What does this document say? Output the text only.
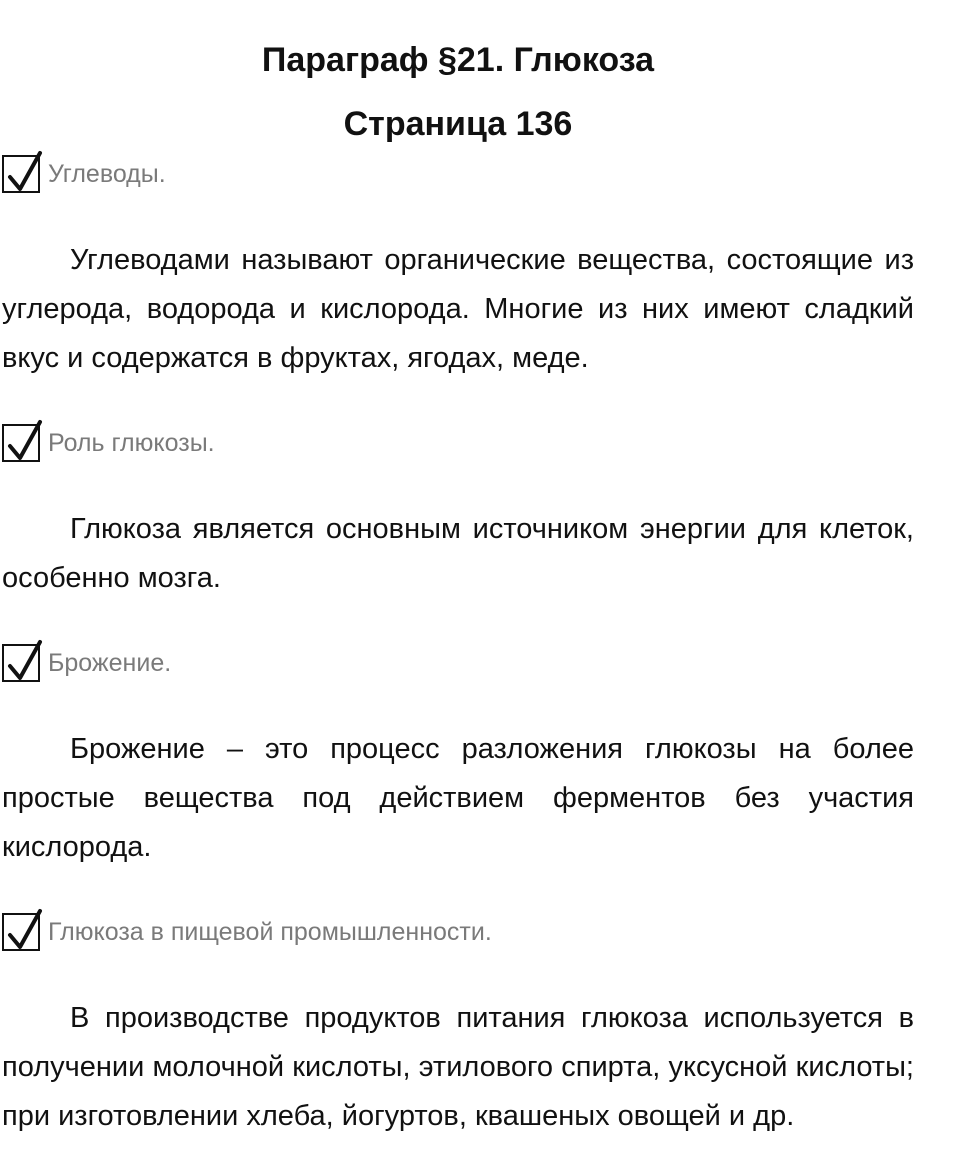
Параграф §21. Глюкоза
Страница 136
Углеводы.

Углеводами называют органические вещества, состоящие из углерода, водорода и кислорода. Многие из них имеют сладкий вкус и содержатся в фруктах, ягодах, меде.

Роль глюкозы.

Глюкоза является основным источником энергии для клеток, особенно мозга.

Брожение.

Брожение – это процесс разложения глюкозы на более простые вещества под действием ферментов без участия кислорода.

Глюкоза в пищевой промышленности.

В производстве продуктов питания глюкоза используется в получении молочной кислоты, этилового спирта, уксусной кислоты; при изготовлении хлеба, йогуртов, квашеных овощей и др.
